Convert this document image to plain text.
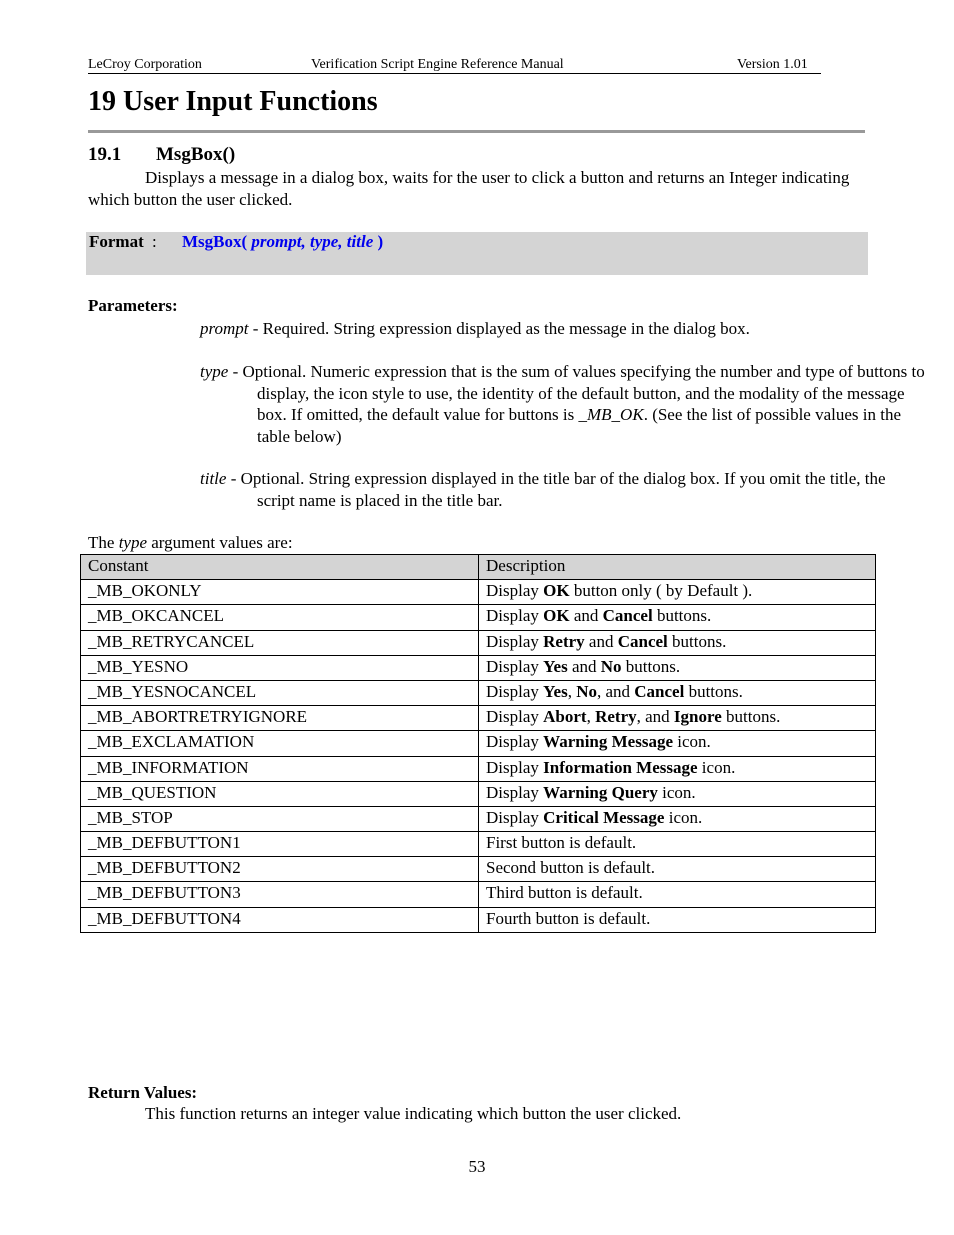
LeCroy Corporation	Verification Script Engine Reference Manual	Version 1.01
19 User Input Functions
19.1 MsgBox()
Displays a message in a dialog box, waits for the user to click a button and returns an Integer indicating which button the user clicked.
Format : MsgBox( prompt, type, title )
Parameters:
prompt - Required. String expression displayed as the message in the dialog box.
type - Optional. Numeric expression that is the sum of values specifying the number and type of buttons to display, the icon style to use, the identity of the default button, and the modality of the message box. If omitted, the default value for buttons is _MB_OK. (See the list of possible values in the table below)
title - Optional. String expression displayed in the title bar of the dialog box. If you omit the title, the script name is placed in the title bar.
The type argument values are:
Constant	Description
_MB_OKONLY	Display OK button only ( by Default ).
_MB_OKCANCEL	Display OK and Cancel buttons.
_MB_RETRYCANCEL	Display Retry and Cancel buttons.
_MB_YESNO	Display Yes and No buttons.
_MB_YESNOCANCEL	Display Yes, No, and Cancel buttons.
_MB_ABORTRETRYIGNORE	Display Abort, Retry, and Ignore buttons.
_MB_EXCLAMATION	Display Warning Message icon.
_MB_INFORMATION	Display Information Message icon.
_MB_QUESTION	Display Warning Query icon.
_MB_STOP	Display Critical Message icon.
_MB_DEFBUTTON1	First button is default.
_MB_DEFBUTTON2	Second button is default.
_MB_DEFBUTTON3	Third button is default.
_MB_DEFBUTTON4	Fourth button is default.
Return Values:
This function returns an integer value indicating which button the user clicked.
53
